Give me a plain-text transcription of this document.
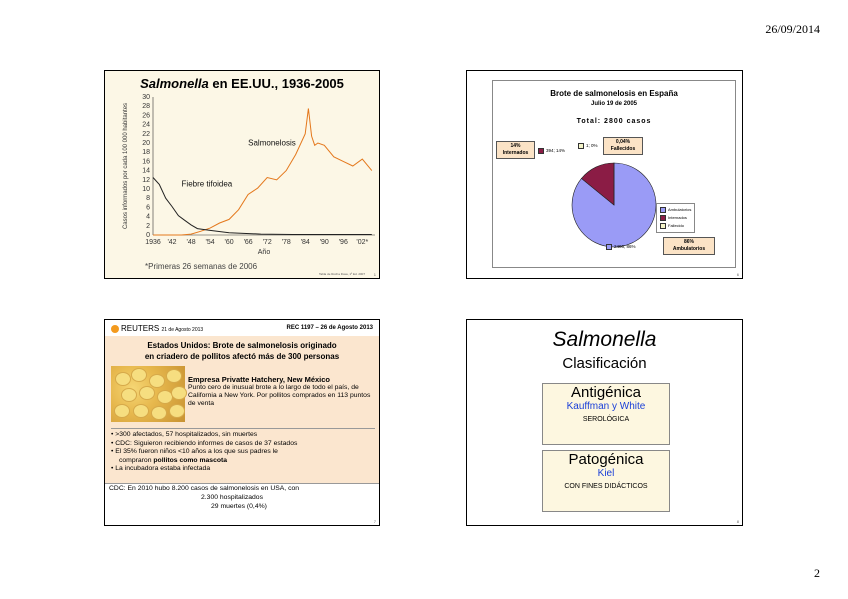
26/09/2014
Salmonella en EE.UU., 1936-2005
30
28
26
24
22
20
18
16
14
12
10
8
6
4
2
0
1936 '42 '48 '54 '60 '66 '72 '78 '84 '90 '96 '02*
Año
Casos informados por cada 100 000 habitantes	Salmonelosis
Fiebre tifoidea
*Primeras 26 semanas de 2006
Tabla de Rocha Dosa, 1º Ed. 2007 1
Brote de salmonelosis en España
Julio 19 de 2005
Total: 2800 casos
14%
Internados	394; 14%
1; 0%
0,04%
Fallecidos
Ambulatorios
Internados
Fallecido
2406; 86%
86%
Ambulatorios
6
REUTERS 21 de Agosto 2013	REC 1197 – 26 de Agosto 2013
Estados Unidos: Brote de salmonelosis originado
en criadero de pollitos afectó más de 300 personas
Empresa Privatte Hatchery, New México
Punto cero de inusual brote a lo largo de todo el país, de California a New York. Por pollitos comprados en 113 puntos de venta
• >300 afectados, 57 hospitalizados, sin muertes
• CDC: Siguieron recibiendo informes de casos de 37 estados
• El 35% fueron niños <10 años a los que sus padres le
compraron pollitos como mascota
• La incubadora estaba infectada
CDC: En 2010 hubo 8.200 casos de salmonelosis en USA, con
2.300 hospitalizados
29 muertes (0,4%)
7
Salmonella
Clasificación
Antigénica
Kauffman y White
SEROLÓGICA
Patogénica
Kiel
CON FINES DIDÁCTICOS
8
2
